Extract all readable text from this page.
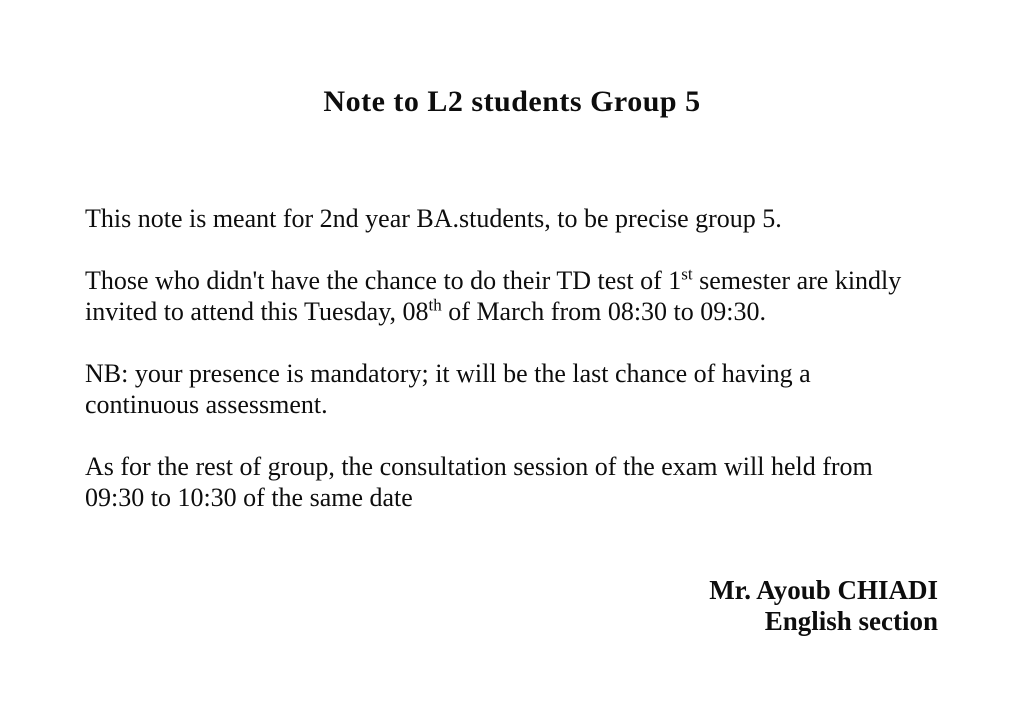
Note to L2 students Group 5

This note is meant for 2nd year BA.students, to be precise group 5.

Those who didn't have the chance to do their TD test of 1st semester are kindly
invited to attend this Tuesday, 08th of March from 08:30 to 09:30.

NB: your presence is mandatory; it will be the last chance of having a
continuous assessment.

As for the rest of group, the consultation session of the exam will held from
09:30 to 10:30 of the same date

Mr. Ayoub CHIADI
English section
